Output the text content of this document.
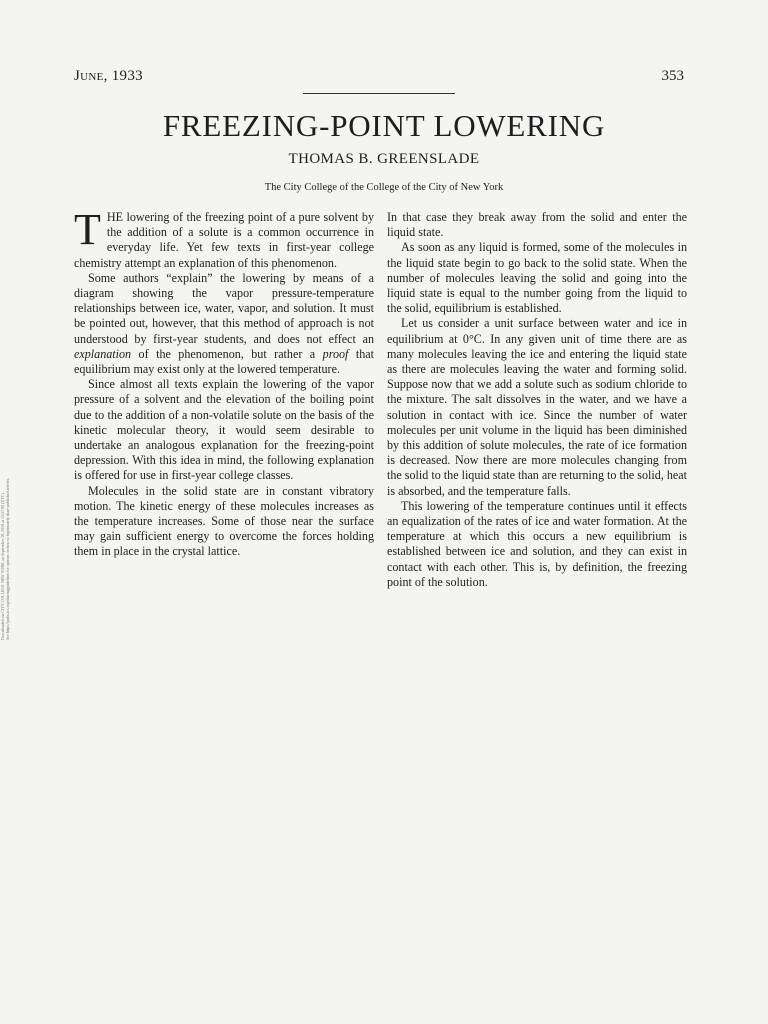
June, 1933	353
FREEZING-POINT LOWERING
THOMAS B. GREENSLADE
The City College of the College of the City of New York
Downloaded via CITY COLLEGE NEW YORK on September 18, 2019 at 13:57:00 (UTC). See https://pubs.acs.org/sharingguidelines for options on how to legitimately share published articles.

THE lowering of the freezing point of a pure solvent by the addition of a solute is a common occurrence in everyday life. Yet few texts in first-year college chemistry attempt an explanation of this phenomenon.

Some authors “explain” the lowering by means of a diagram showing the vapor pressure-temperature relationships between ice, water, vapor, and solution. It must be pointed out, however, that this method of approach is not understood by first-year students, and does not effect an explanation of the phenomenon, but rather a proof that equilibrium may exist only at the lowered temperature.

Since almost all texts explain the lowering of the vapor pressure of a solvent and the elevation of the boiling point due to the addition of a non-volatile solute on the basis of the kinetic molecular theory, it would seem desirable to undertake an analogous explanation for the freezing-point depression. With this idea in mind, the following explanation is offered for use in first-year college classes.

Molecules in the solid state are in constant vibratory motion. The kinetic energy of these molecules increases as the temperature increases. Some of those near the surface may gain sufficient energy to overcome the forces holding them in place in the crystal lattice.

In that case they break away from the solid and enter the liquid state.

As soon as any liquid is formed, some of the molecules in the liquid state begin to go back to the solid state. When the number of molecules leaving the solid and going into the liquid state is equal to the number going from the liquid to the solid, equilibrium is established.

Let us consider a unit surface between water and ice in equilibrium at 0°C. In any given unit of time there are as many molecules leaving the ice and entering the liquid state as there are molecules leaving the water and forming solid. Suppose now that we add a solute such as sodium chloride to the mixture. The salt dissolves in the water, and we have a solution in contact with ice. Since the number of water molecules per unit volume in the liquid has been diminished by this addition of solute molecules, the rate of ice formation is decreased. Now there are more molecules changing from the solid to the liquid state than are returning to the solid, heat is absorbed, and the temperature falls.

This lowering of the temperature continues until it effects an equalization of the rates of ice and water formation. At the temperature at which this occurs a new equilibrium is established between ice and solution, and they can exist in contact with each other. This is, by definition, the freezing point of the solution.
